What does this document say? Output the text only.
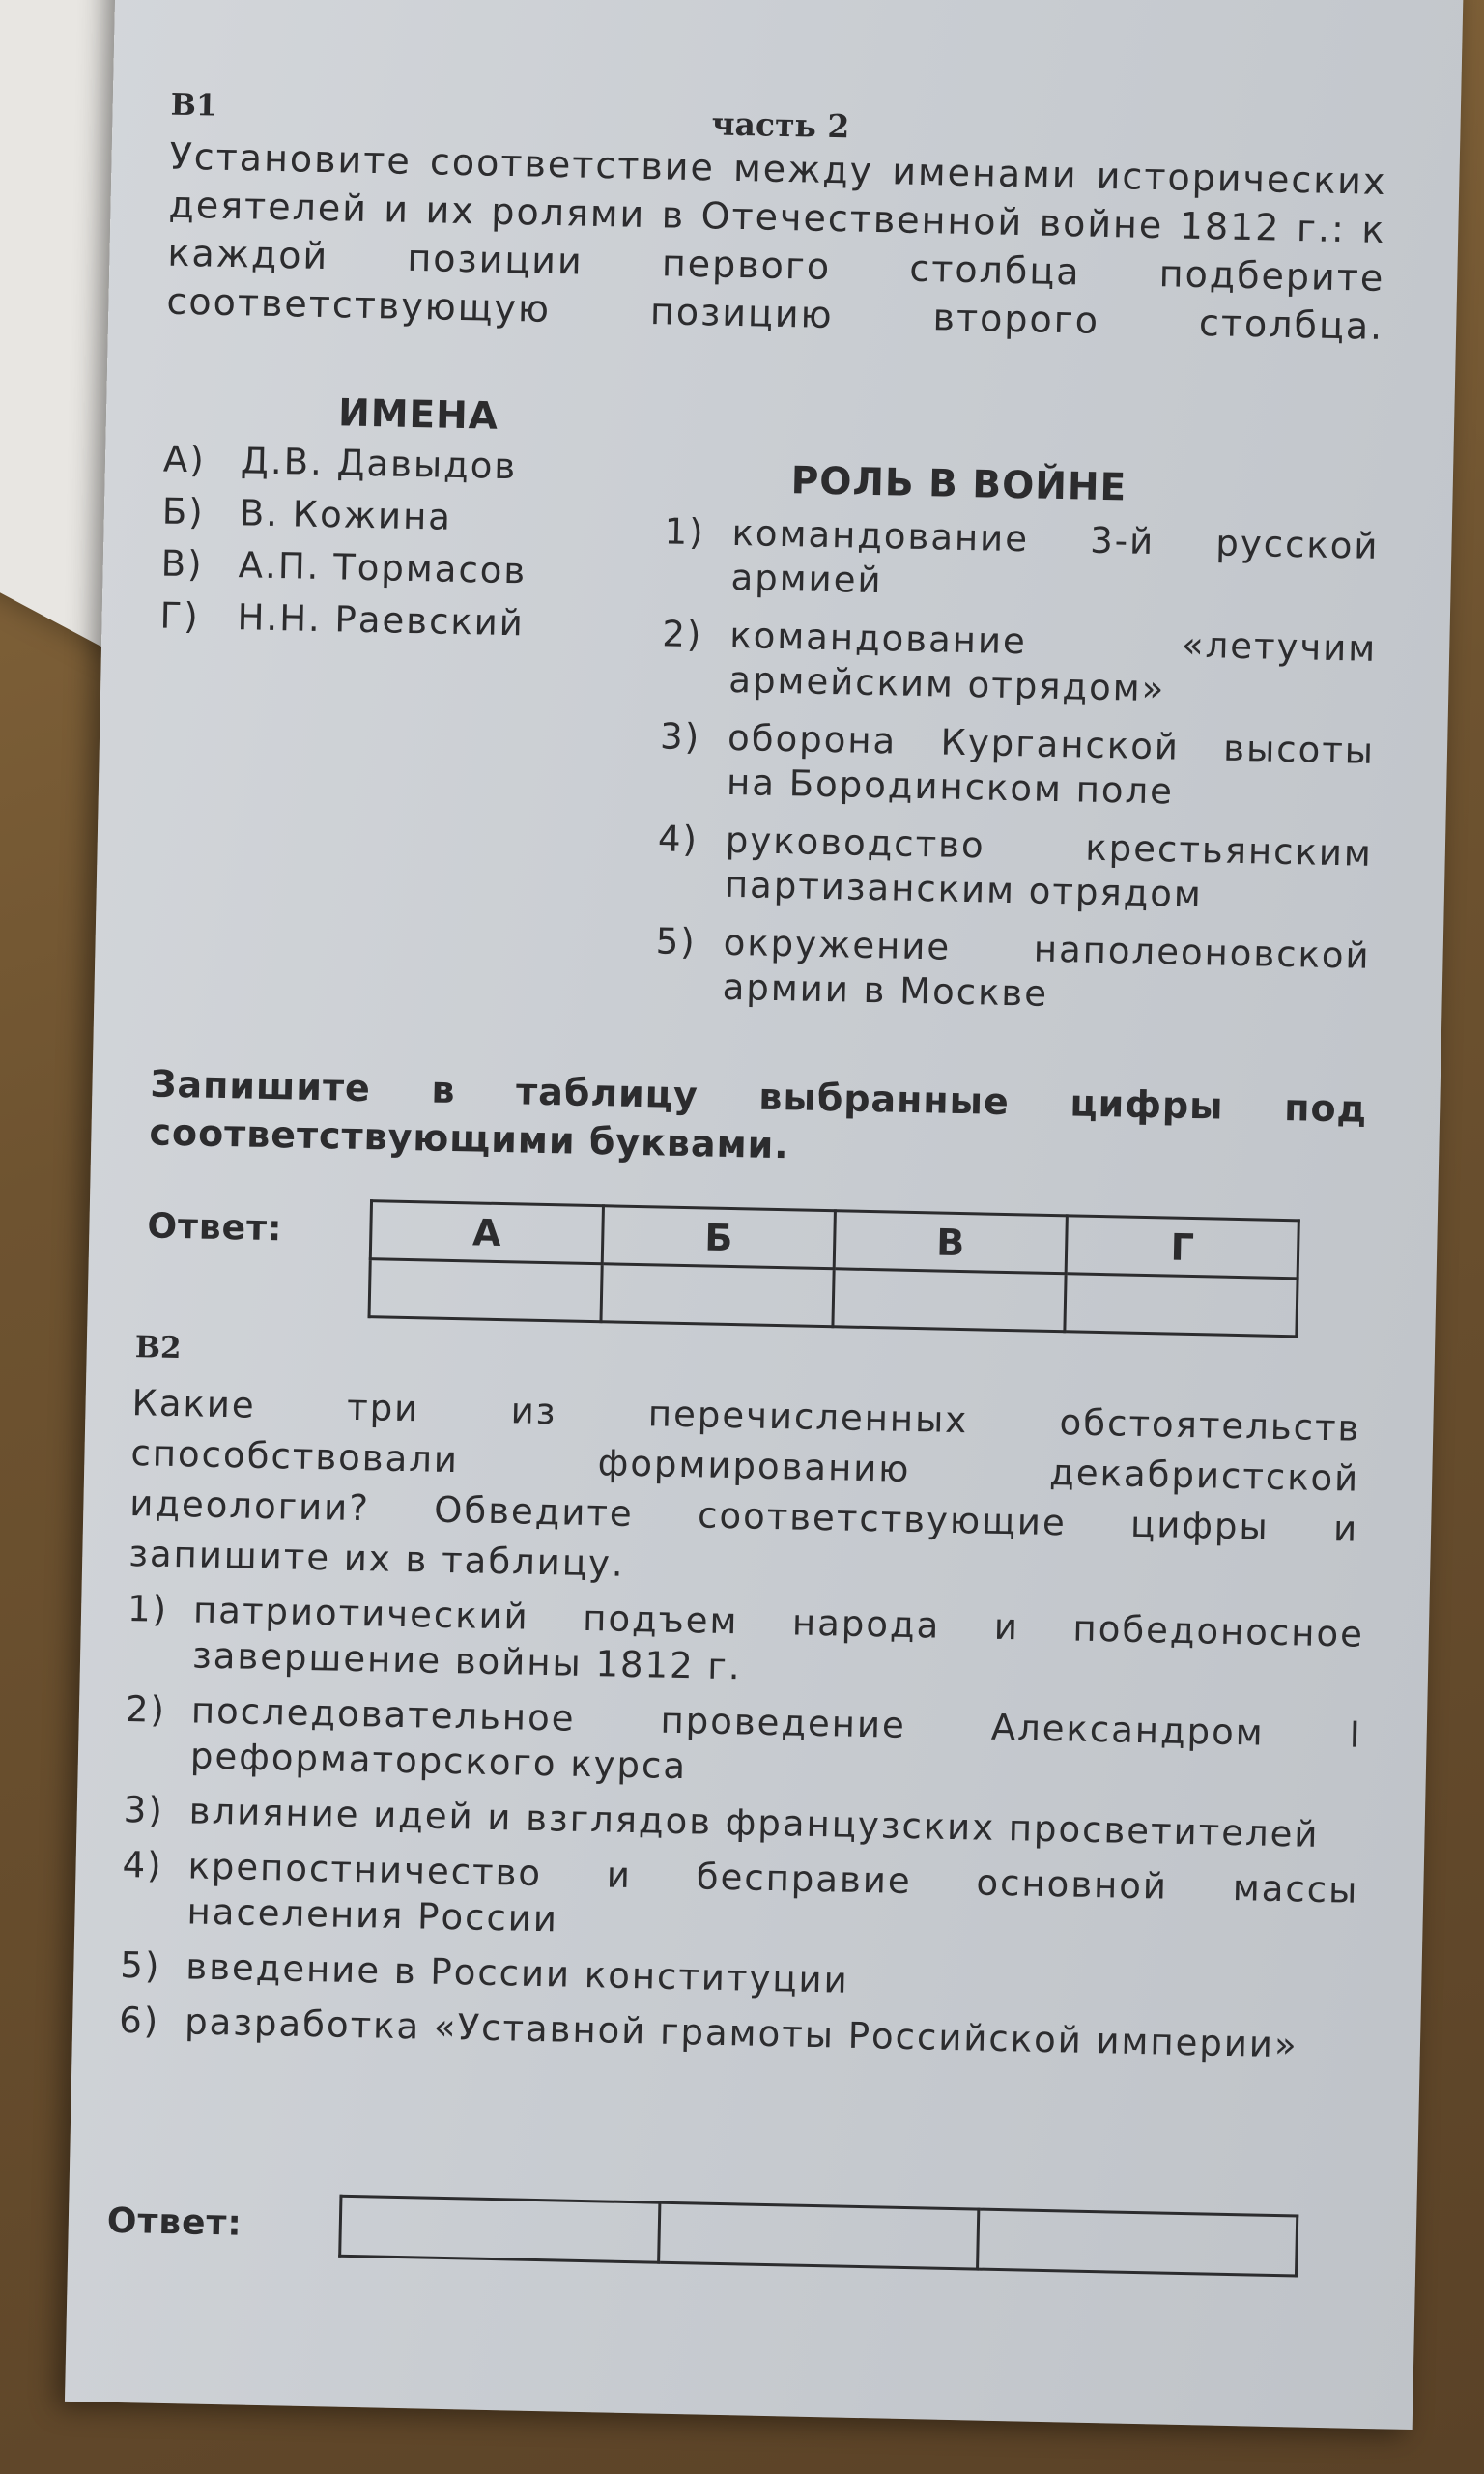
В1	часть 2

Установите соответствие между именами исторических деятелей и их ролями в Отечественной войне 1812 г.: к каждой позиции первого столбца подберите соответствующую позицию второго столбца.

ИМЕНА
А) Д.В. Давыдов
Б) В. Кожина
В) А.П. Тормасов
Г)	Н.Н. Раевский
РОЛЬ В ВОЙНЕ
1) командование 3-й русской армией
2) командование «летучим армейским отрядом»
3) оборона Курганской высоты на Бородинском поле
4) руководство крестьянским партизанским отрядом
5) окружение наполеоновской армии в Москве

Запишите в таблицу выбранные цифры под соответствующими буквами.

Ответ:	А	Б	В	Г

В2

Какие три из перечисленных обстоятельств способствовали формированию декабристской идеологии? Обведите соответствующие цифры и запишите их в таблицу.

1) патриотический подъем народа и победоносное завершение войны 1812 г.
2) последовательное проведение Александром I реформаторского курса
3) влияние идей и взглядов французских просветителей
4) крепостничество и бесправие основной массы населения России
5) введение в России конституции
6) разработка «Уставной грамоты Российской империи»
Ответ:
